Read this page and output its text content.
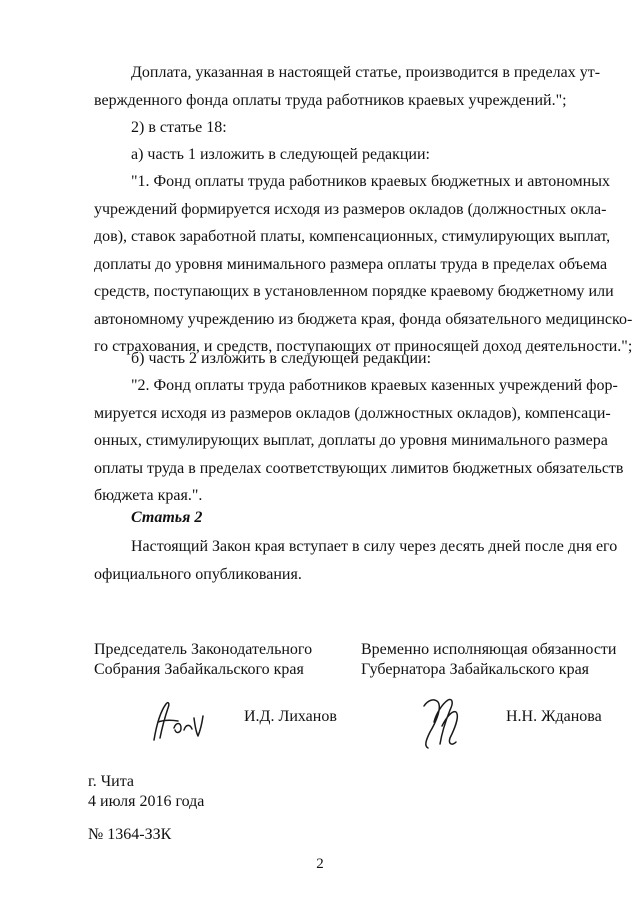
Доплата, указанная в настоящей статье, производится в пределах ут-
вержденного фонда оплаты труда работников краевых учреждений.";

2) в статье 18:

а) часть 1 изложить в следующей редакции:

"1. Фонд оплаты труда работников краевых бюджетных и автономных
учреждений формируется исходя из размеров окладов (должностных окла-
дов), ставок заработной платы, компенсационных, стимулирующих выплат,
доплаты до уровня минимального размера оплаты труда в пределах объема
средств, поступающих в установленном порядке краевому бюджетному или
автономному учреждению из бюджета края, фонда обязательного медицинско-
го страхования, и средств, поступающих от приносящей доход деятельности.";

б) часть 2 изложить в следующей редакции:

"2. Фонд оплаты труда работников краевых казенных учреждений фор-
мируется исходя из размеров окладов (должностных окладов), компенсаци-
онных, стимулирующих выплат, доплаты до уровня минимального размера
оплаты труда в пределах соответствующих лимитов бюджетных обязательств
бюджета края.".

Статья 2

Настоящий Закон края вступает в силу через десять дней после дня его
официального опубликования.

Председатель Законодательного
Собрания Забайкальского края
Временно исполняющая обязанности
Губернатора Забайкальского края
И.Д. Лиханов	Н.Н. Жданова
г. Чита
4 июля 2016 года
№ 1364-ЗЗК
2
